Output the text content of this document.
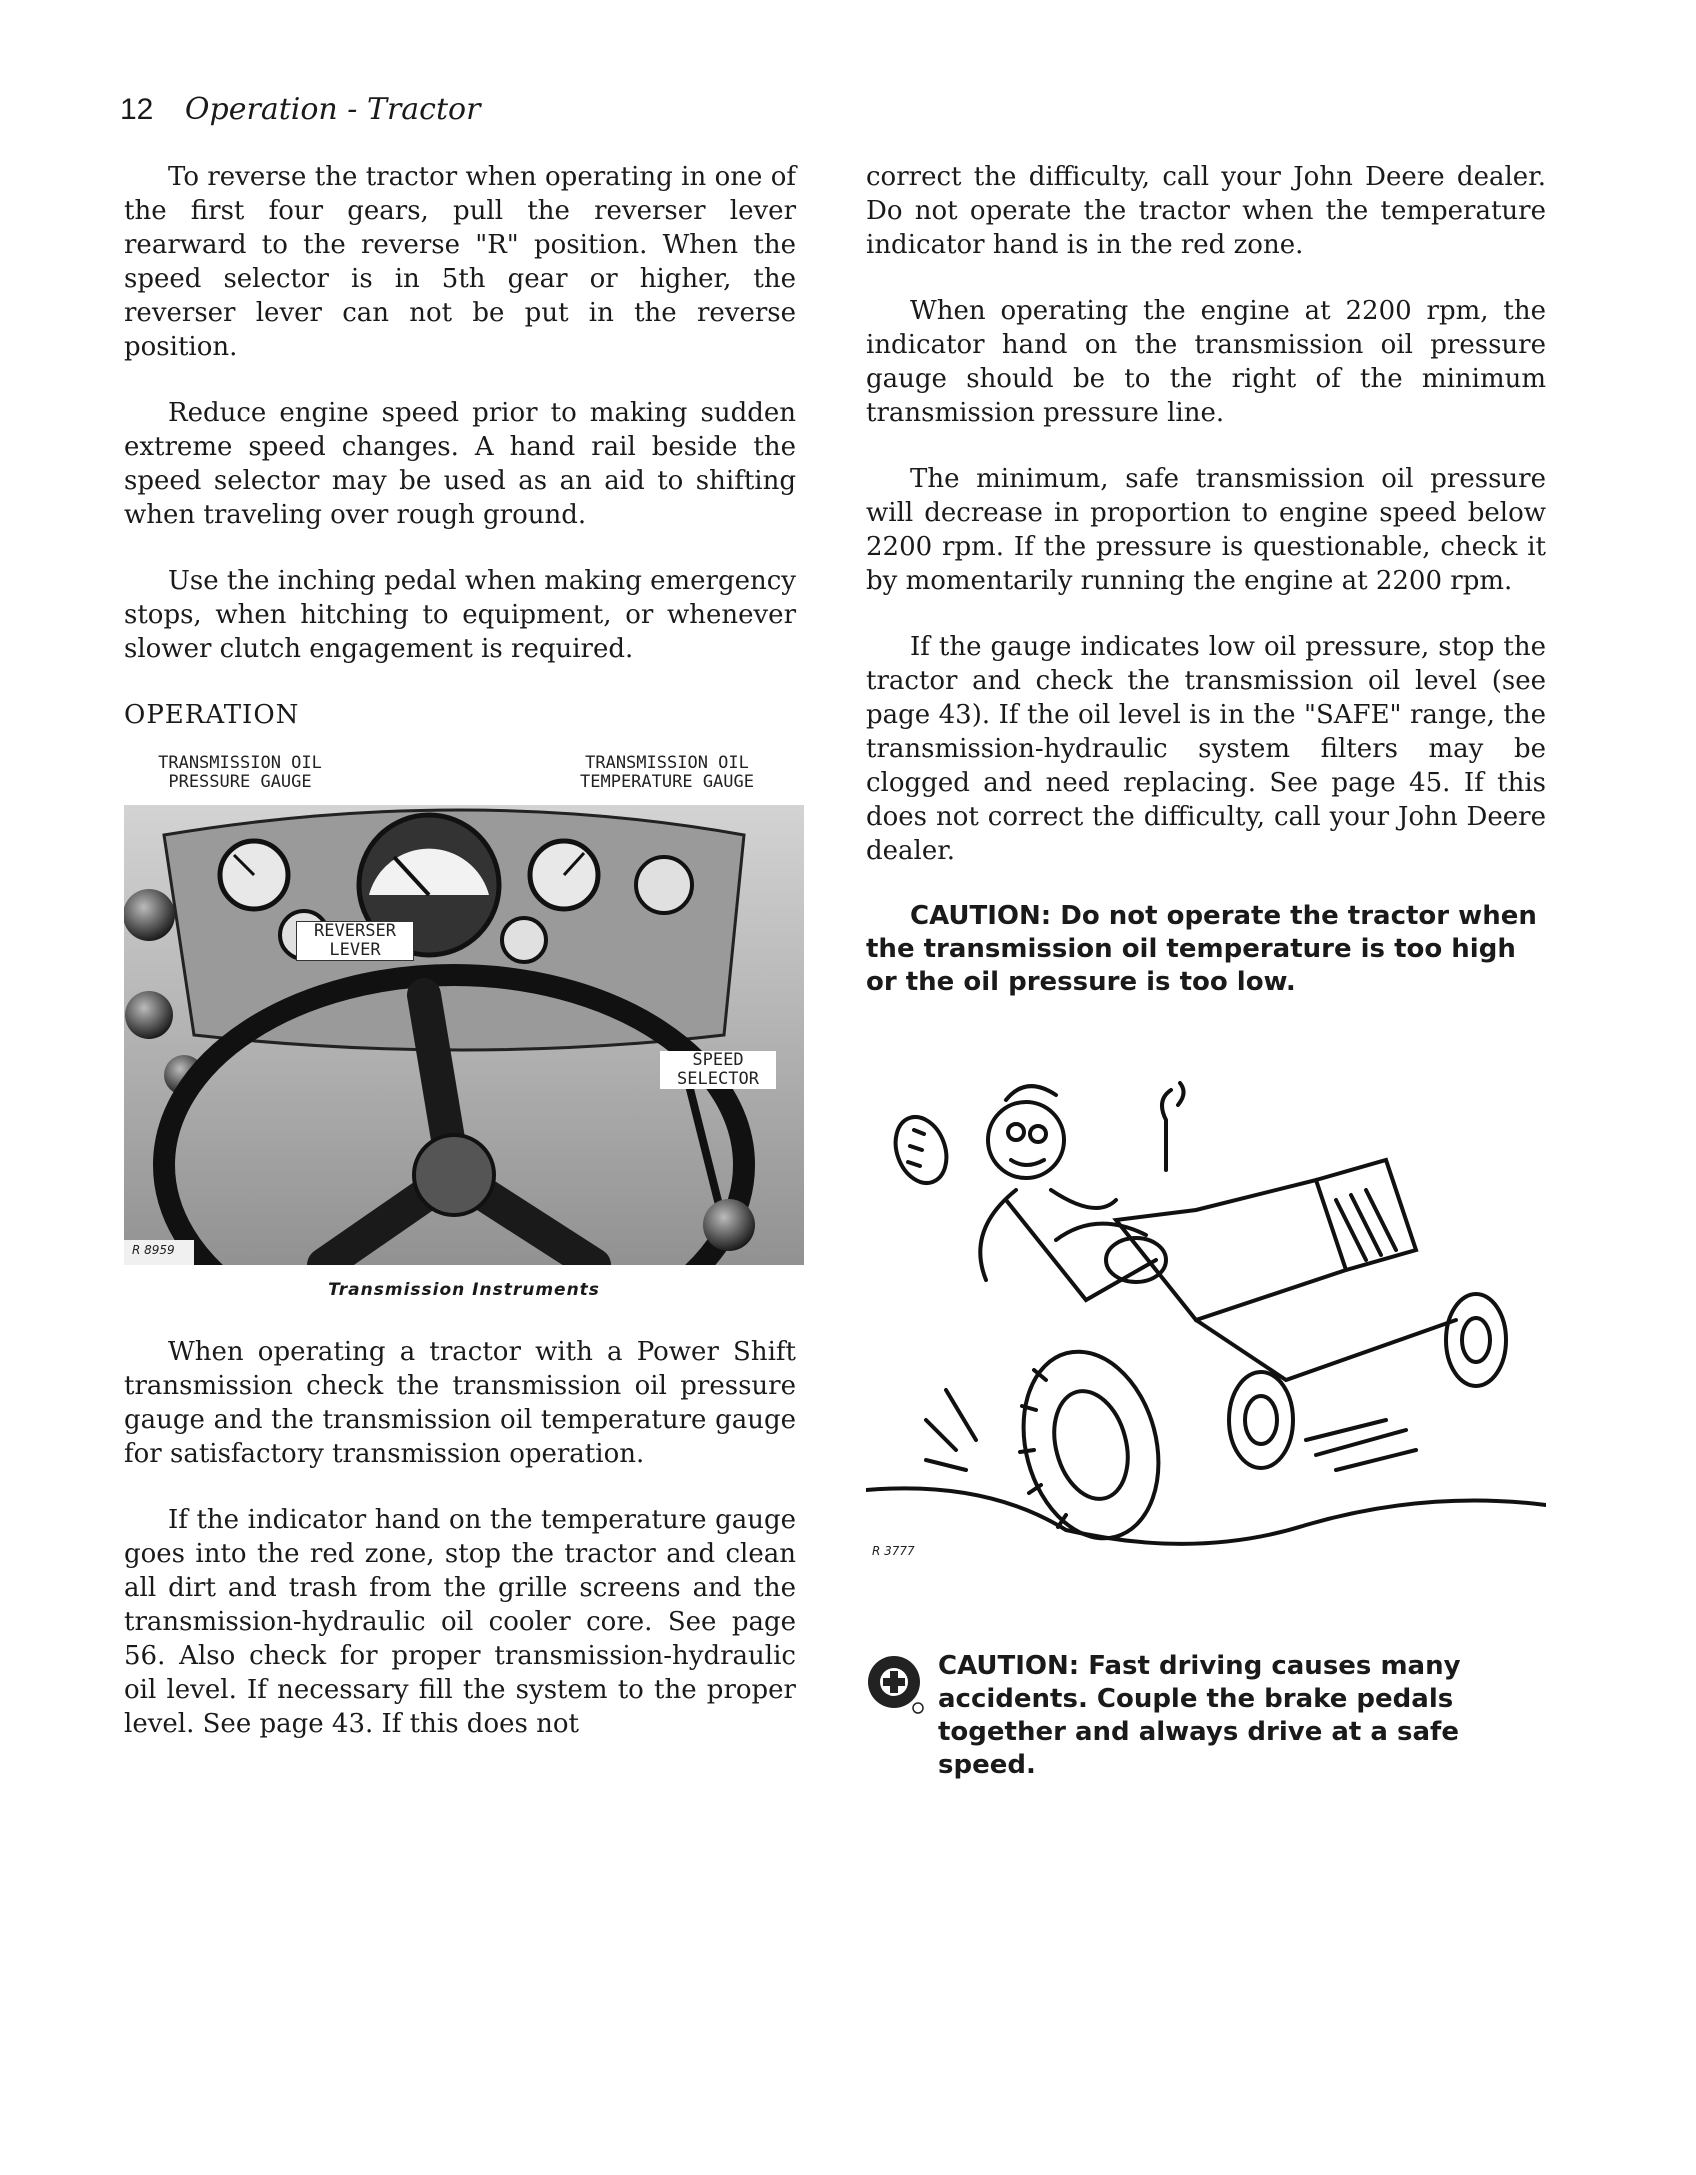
12 Operation - Tractor

To reverse the tractor when operating in one of the first four gears, pull the reverser lever rearward to the reverse "R" position. When the speed selector is in 5th gear or higher, the reverser lever can not be put in the reverse position.

Reduce engine speed prior to making sudden extreme speed changes. A hand rail beside the speed selector may be used as an aid to shifting when traveling over rough ground.

Use the inching pedal when making emergency stops, when hitching to equipment, or whenever slower clutch engagement is required.

OPERATION
TRANSMISSION OIL
PRESSURE GAUGE
TRANSMISSION OIL
TEMPERATURE GAUGE
REVERSER
LEVER
SPEED
SELECTOR
R 8959
Transmission Instruments

When operating a tractor with a Power Shift transmission check the transmission oil pressure gauge and the transmission oil temperature gauge for satisfactory transmission operation.

If the indicator hand on the temperature gauge goes into the red zone, stop the tractor and clean all dirt and trash from the grille screens and the transmission-hydraulic oil cooler core. See page 56. Also check for proper transmission-hydraulic oil level. If necessary fill the system to the proper level. See page 43. If this does not

correct the difficulty, call your John Deere dealer. Do not operate the tractor when the temperature indicator hand is in the red zone.

When operating the engine at 2200 rpm, the indicator hand on the transmission oil pressure gauge should be to the right of the minimum transmission pressure line.

The minimum, safe transmission oil pressure will decrease in proportion to engine speed below 2200 rpm. If the pressure is questionable, check it by momentarily running the engine at 2200 rpm.

If the gauge indicates low oil pressure, stop the tractor and check the transmission oil level (see page 43). If the oil level is in the "SAFE" range, the transmission-hydraulic system filters may be clogged and need replacing. See page 45. If this does not correct the difficulty, call your John Deere dealer.

CAUTION: Do not operate the tractor when the transmission oil temperature is too high or the oil pressure is too low.
R 3777
CAUTION: Fast driving causes many accidents. Couple the brake pedals together and always drive at a safe speed.
